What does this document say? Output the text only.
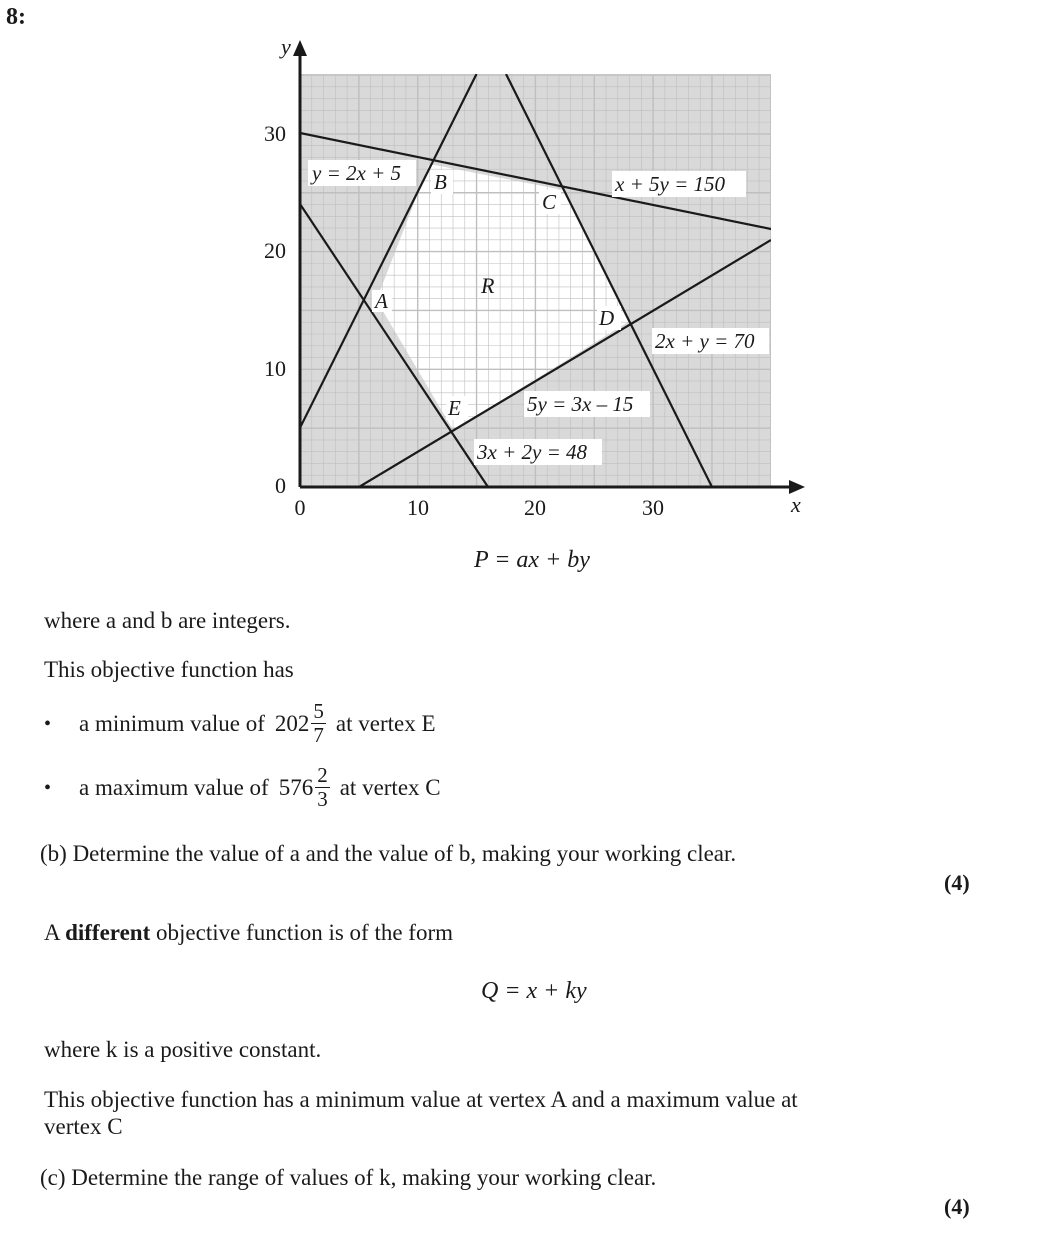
8:
y
x
30
20
10
0
0	10	20	30
y = 2x + 5	x + 5y = 150
2x + y = 70
5y = 3x – 15
3x + 2y = 48
A
B
C
D
E
R
P = ax + by
where a and b are integers.
This objective function has
• a minimum value of $202 \frac{5}{7}$ at vertex E
• a maximum value of $576 \frac{2}{3}$ at vertex C
(b) Determine the value of a and the value of b, making your working clear.
(4)
A different objective function is of the form
Q = x + ky
where k is a positive constant.
This objective function has a minimum value at vertex A and a maximum value at
vertex C
(c) Determine the range of values of k, making your working clear.
(4)
